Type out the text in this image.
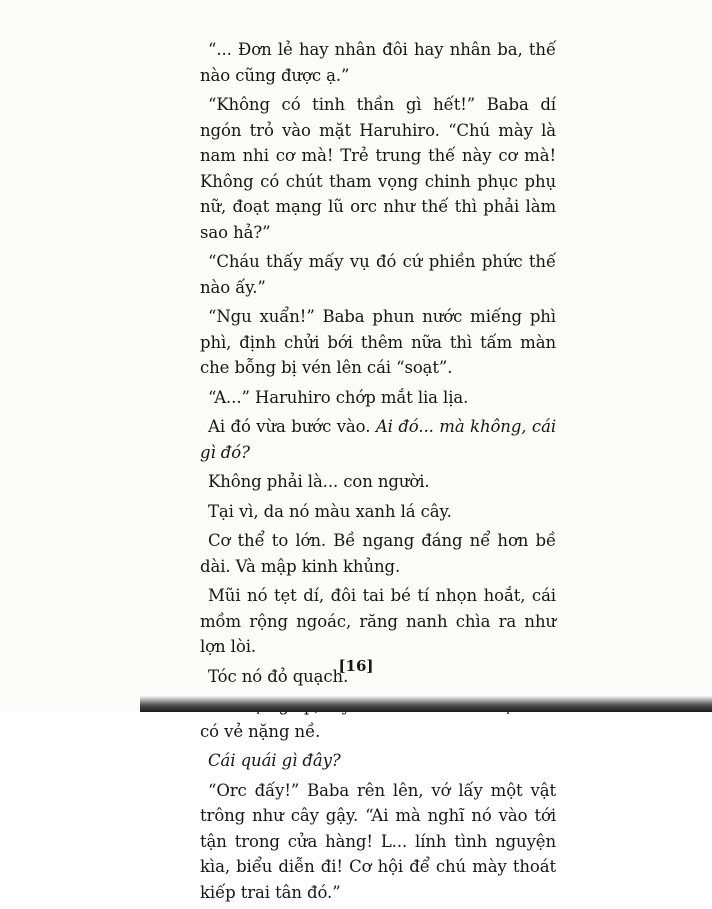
“... Đơn lẻ hay nhân đôi hay nhân ba, thế nào cũng được ạ.”

“Không có tinh thần gì hết!” Baba dí ngón trỏ vào mặt Haruhiro. “Chú mày là nam nhi cơ mà! Trẻ trung thế này cơ mà! Không có chút tham vọng chinh phục phụ nữ, đoạt mạng lũ orc như thế thì phải làm sao hả?”

“Cháu thấy mấy vụ đó cứ phiền phức thế nào ấy.”

“Ngu xuẩn!” Baba phun nước miếng phì phì, định chửi bới thêm nữa thì tấm màn che bỗng bị vén lên cái “soạt”.

“A...” Haruhiro chớp mắt lia lịa.

Ai đó vừa bước vào. Ai đó... mà không, cái gì đó?

Không phải là... con người.

Tại vì, da nó màu xanh lá cây.

Cơ thể to lớn. Bề ngang đáng nể hơn bề dài. Và mập kinh khủng.

Mũi nó tẹt dí, đôi tai bé tí nhọn hoắt, cái mồm rộng ngoác, răng nanh chìa ra như lợn lòi.

Tóc nó đỏ quạch.

có vẻ nặng nề.

Cái quái gì đây?

“Orc đấy!” Baba rên lên, vớ lấy một vật trông như cây gậy. “Ai mà nghĩ nó vào tới tận trong cửa hàng! L... lính tình nguyện kìa, biểu diễn đi! Cơ hội để chú mày thoát kiếp trai tân đó.”

[16]
